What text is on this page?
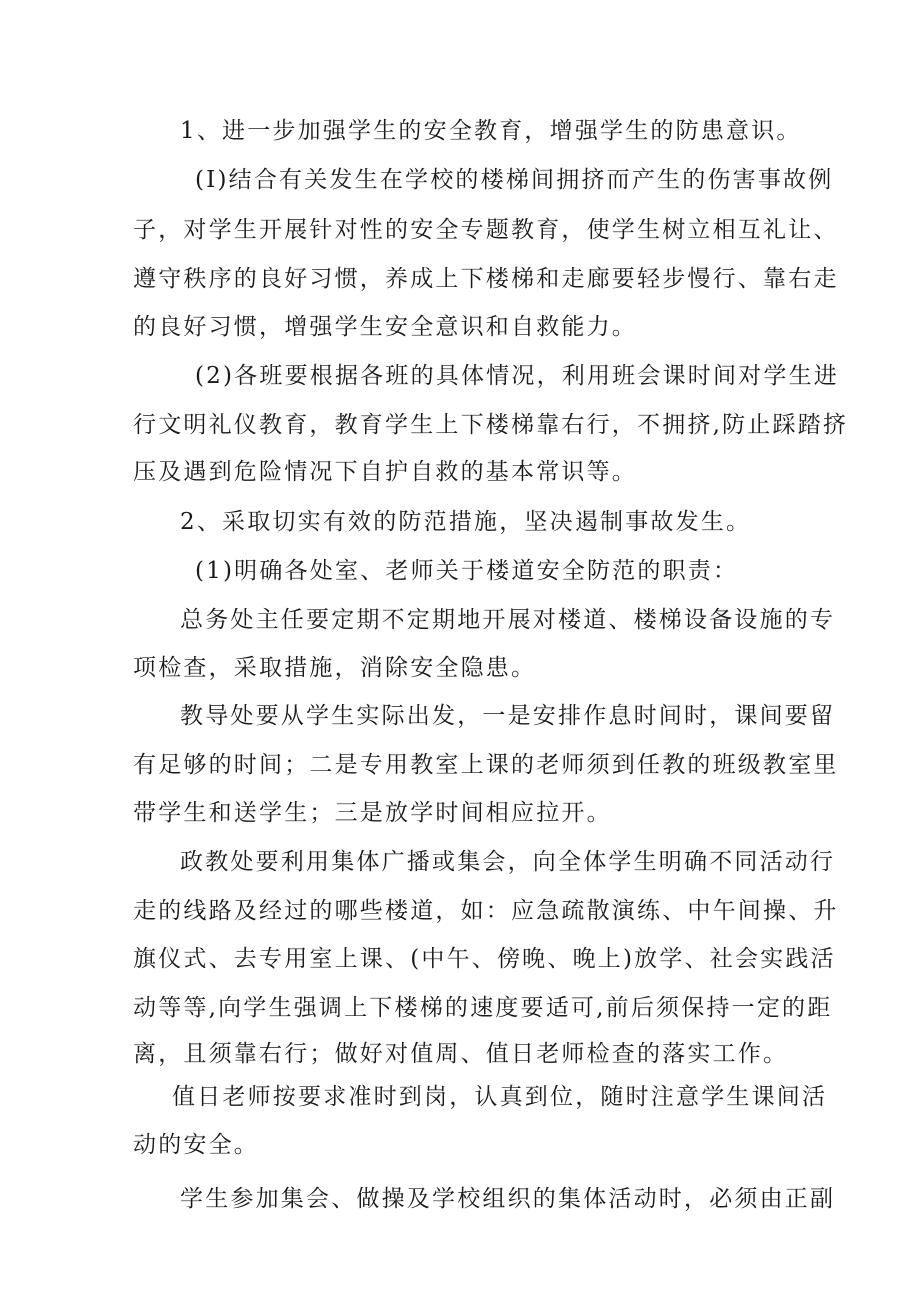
1、进一步加强学生的安全教育，增强学生的防患意识。
(I)结合有关发生在学校的楼梯间拥挤而产生的伤害事故例
子，对学生开展针对性的安全专题教育，使学生树立相互礼让、
遵守秩序的良好习惯，养成上下楼梯和走廊要轻步慢行、靠右走
的良好习惯，增强学生安全意识和自救能力。
(2)各班要根据各班的具体情况，利用班会课时间对学生进
行文明礼仪教育，教育学生上下楼梯靠右行，不拥挤,防止踩踏挤
压及遇到危险情况下自护自救的基本常识等。
2、采取切实有效的防范措施，坚决遏制事故发生。
(1)明确各处室、老师关于楼道安全防范的职责：
总务处主任要定期不定期地开展对楼道、楼梯设备设施的专
项检查，采取措施，消除安全隐患。
教导处要从学生实际出发，一是安排作息时间时，课间要留
有足够的时间；二是专用教室上课的老师须到任教的班级教室里
带学生和送学生；三是放学时间相应拉开。
政教处要利用集体广播或集会，向全体学生明确不同活动行
走的线路及经过的哪些楼道，如：应急疏散演练、中午间操、升
旗仪式、去专用室上课、(中午、傍晚、晚上)放学、社会实践活
动等等,向学生强调上下楼梯的速度要适可,前后须保持一定的距
离，且须靠右行；做好对值周、值日老师检查的落实工作。
值日老师按要求准时到岗，认真到位，随时注意学生课间活
动的安全。
学生参加集会、做操及学校组织的集体活动时，必须由正副
